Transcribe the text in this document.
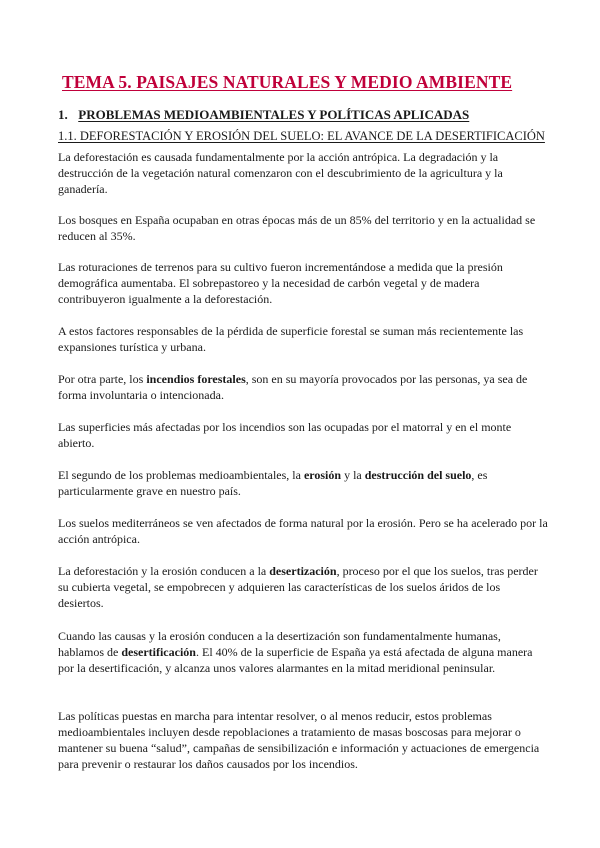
TEMA 5. PAISAJES NATURALES Y MEDIO AMBIENTE
1. PROBLEMAS MEDIOAMBIENTALES Y POLÍTICAS APLICADAS
1.1. DEFORESTACIÓN Y EROSIÓN DEL SUELO: EL AVANCE DE LA DESERTIFICACIÓN

La deforestación es causada fundamentalmente por la acción antrópica. La degradación y la destrucción de la vegetación natural comenzaron con el descubrimiento de la agricultura y la ganadería.

Los bosques en España ocupaban en otras épocas más de un 85% del territorio y en la actualidad se reducen al 35%.

Las roturaciones de terrenos para su cultivo fueron incrementándose a medida que la presión demográfica aumentaba. El sobrepastoreo y la necesidad de carbón vegetal y de madera contribuyeron igualmente a la deforestación.

A estos factores responsables de la pérdida de superficie forestal se suman más recientemente las expansiones turística y urbana.

Por otra parte, los incendios forestales, son en su mayoría provocados por las personas, ya sea de forma involuntaria o intencionada.

Las superficies más afectadas por los incendios son las ocupadas por el matorral y en el monte abierto.

El segundo de los problemas medioambientales, la erosión y la destrucción del suelo, es particularmente grave en nuestro país.

Los suelos mediterráneos se ven afectados de forma natural por la erosión. Pero se ha acelerado por la acción antrópica.

La deforestación y la erosión conducen a la desertización, proceso por el que los suelos, tras perder su cubierta vegetal, se empobrecen y adquieren las características de los suelos áridos de los desiertos.

Cuando las causas y la erosión conducen a la desertización son fundamentalmente humanas, hablamos de desertificación. El 40% de la superficie de España ya está afectada de alguna manera por la desertificación, y alcanza unos valores alarmantes en la mitad meridional peninsular.

Las políticas puestas en marcha para intentar resolver, o al menos reducir, estos problemas medioambientales incluyen desde repoblaciones a tratamiento de masas boscosas para mejorar o mantener su buena “salud”, campañas de sensibilización e información y actuaciones de emergencia para prevenir o restaurar los daños causados por los incendios.
